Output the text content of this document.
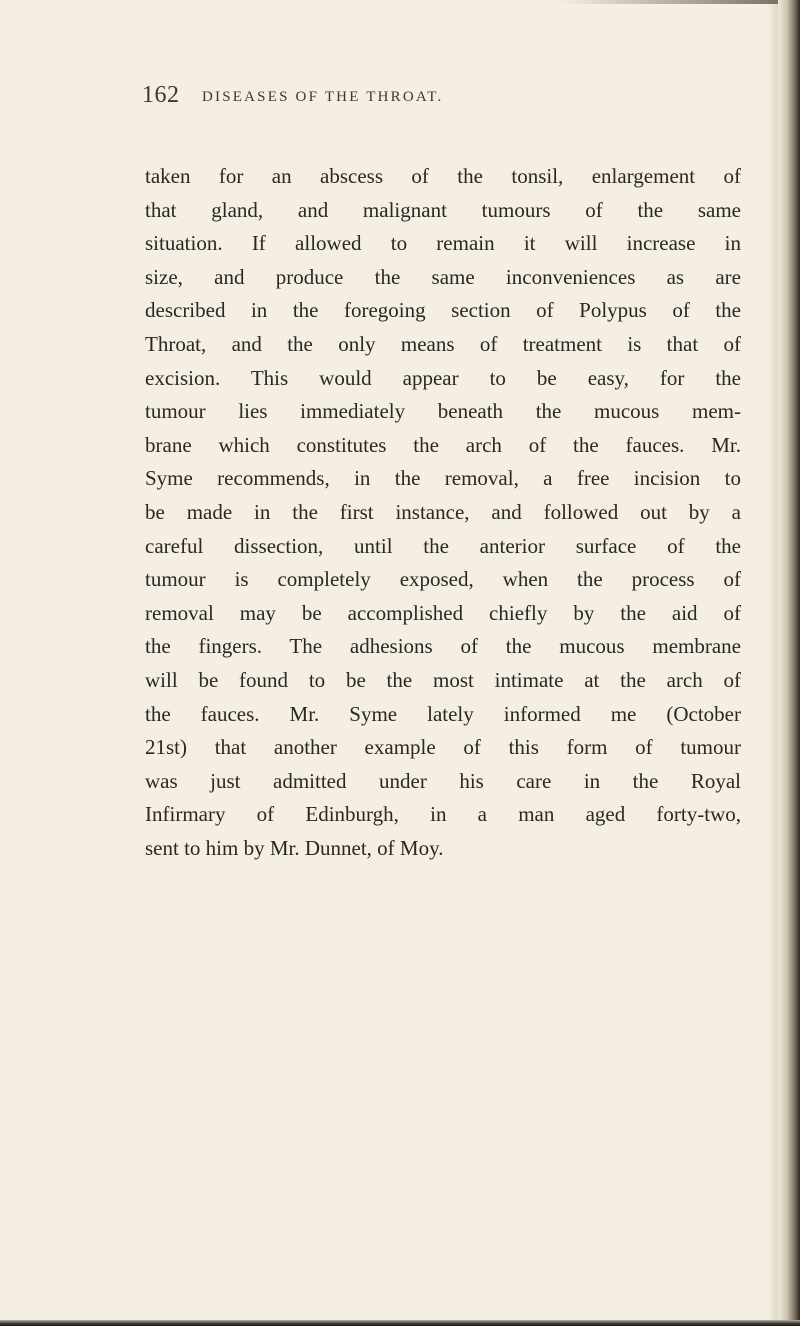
162 DISEASES OF THE THROAT.
taken for an abscess of the tonsil, enlargement of
that gland, and malignant tumours of the same
situation. If allowed to remain it will increase in
size, and produce the same inconveniences as are
described in the foregoing section of Polypus of the
Throat, and the only means of treatment is that of
excision. This would appear to be easy, for the
tumour lies immediately beneath the mucous mem-
brane which constitutes the arch of the fauces. Mr.
Syme recommends, in the removal, a free incision to
be made in the first instance, and followed out by a
careful dissection, until the anterior surface of the
tumour is completely exposed, when the process of
removal may be accomplished chiefly by the aid of
the fingers. The adhesions of the mucous membrane
will be found to be the most intimate at the arch of
the fauces. Mr. Syme lately informed me (October
21st) that another example of this form of tumour
was just admitted under his care in the Royal
Infirmary of Edinburgh, in a man aged forty-two,
sent to him by Mr. Dunnet, of Moy.
